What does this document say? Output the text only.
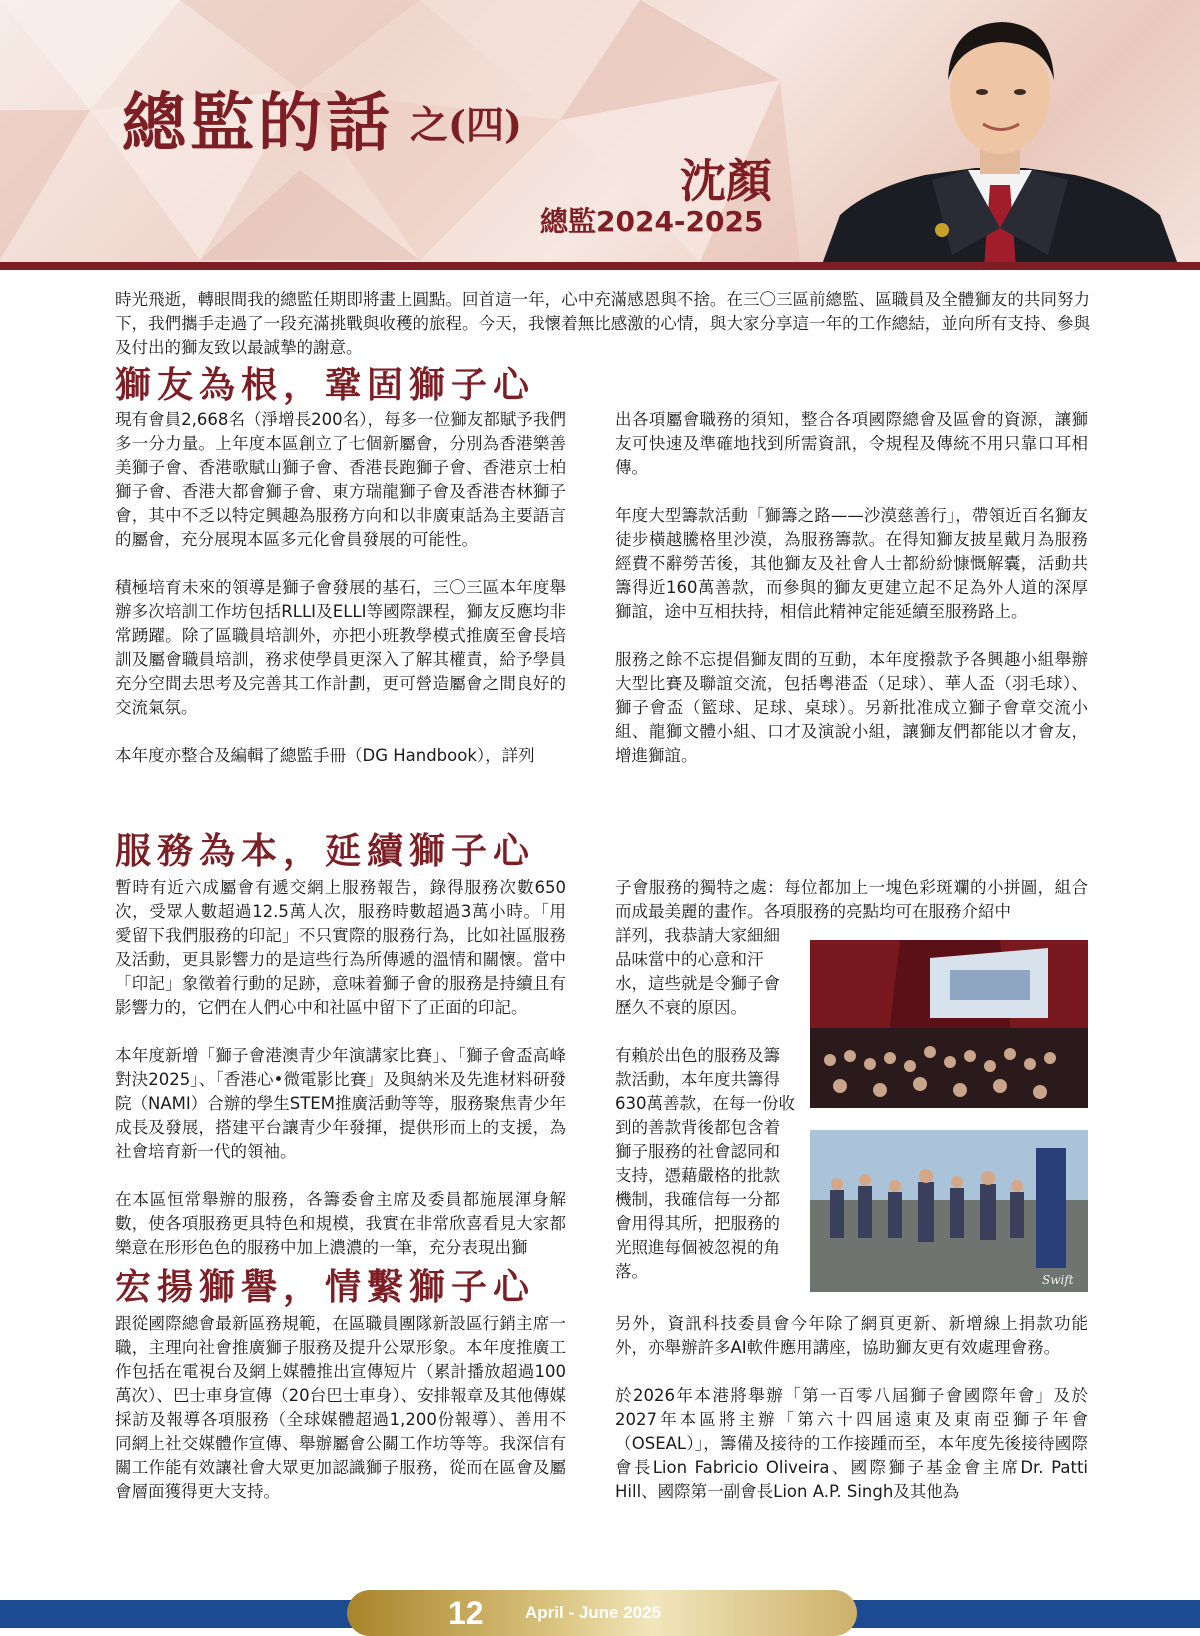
總監的話 之(四)
沈顏
總監2024-2025

時光飛逝，轉眼間我的總監任期即將畫上圓點。回首這一年，心中充滿感恩與不捨。在三〇三區前總監、區職員及全體獅友的共同努力下，我們攜手走過了一段充滿挑戰與收穫的旅程。今天，我懷着無比感激的心情，與大家分享這一年的工作總結，並向所有支持、參與及付出的獅友致以最誠摯的謝意。

獅友為根，鞏固獅子心

現有會員2,668名（淨增長200名），每多一位獅友都賦予我們多一分力量。上年度本區創立了七個新屬會，分別為香港樂善美獅子會、香港歌賦山獅子會、香港長跑獅子會、香港京士柏獅子會、香港大都會獅子會、東方瑞龍獅子會及香港杏林獅子會，其中不乏以特定興趣為服務方向和以非廣東話為主要語言的屬會，充分展現本區多元化會員發展的可能性。

積極培育未來的領導是獅子會發展的基石，三〇三區本年度舉辦多次培訓工作坊包括RLLI及ELLI等國際課程，獅友反應均非常踴躍。除了區職員培訓外，亦把小班教學模式推廣至會長培訓及屬會職員培訓，務求使學員更深入了解其權責，給予學員充分空間去思考及完善其工作計劃，更可營造屬會之間良好的交流氣氛。

本年度亦整合及編輯了總監手冊（DG Handbook），詳列

出各項屬會職務的須知，整合各項國際總會及區會的資源，讓獅友可快速及準確地找到所需資訊，令規程及傳統不用只靠口耳相傳。

年度大型籌款活動「獅籌之路——沙漠慈善行」，帶領近百名獅友徒步橫越騰格里沙漠，為服務籌款。在得知獅友披星戴月為服務經費不辭勞苦後，其他獅友及社會人士都紛紛慷慨解囊，活動共籌得近160萬善款，而參與的獅友更建立起不足為外人道的深厚獅誼，途中互相扶持，相信此精神定能延續至服務路上。

服務之餘不忘提倡獅友間的互動，本年度撥款予各興趣小組舉辦大型比賽及聯誼交流，包括粵港盃（足球）、華人盃（羽毛球）、獅子會盃（籃球、足球、桌球）。另新批准成立獅子會章交流小組、龍獅文體小組、口才及演說小組，讓獅友們都能以才會友，增進獅誼。

服務為本，延續獅子心

暫時有近六成屬會有遞交網上服務報告，錄得服務次數650次，受眾人數超過12.5萬人次，服務時數超過3萬小時。「用愛留下我們服務的印記」不只實際的服務行為，比如社區服務及活動，更具影響力的是這些行為所傳遞的溫情和關懷。當中「印記」象徵着行動的足跡，意味着獅子會的服務是持續且有影響力的，它們在人們心中和社區中留下了正面的印記。

本年度新增「獅子會港澳青少年演講家比賽」、「獅子會盃高峰對決2025」、「香港心•微電影比賽」及與納米及先進材料研發院（NAMI）合辦的學生STEM推廣活動等等，服務聚焦青少年成長及發展，搭建平台讓青少年發揮，提供形而上的支援，為社會培育新一代的領袖。

在本區恒常舉辦的服務，各籌委會主席及委員都施展渾身解數，使各項服務更具特色和規模，我實在非常欣喜看見大家都樂意在形形色色的服務中加上濃濃的一筆，充分表現出獅

子會服務的獨特之處：每位都加上一塊色彩斑斕的小拼圖，組合而成最美麗的畫作。各項服務的亮點均可在服務介紹中

詳列，我恭請大家細細品味當中的心意和汗水，這些就是令獅子會歷久不衰的原因。

有賴於出色的服務及籌款活動，本年度共籌得630萬善款，在每一份收到的善款背後都包含着獅子服務的社會認同和支持，憑藉嚴格的批款機制，我確信每一分都會用得其所，把服務的光照進每個被忽視的角落。	Swift
宏揚獅譽，情繫獅子心

跟從國際總會最新區務規範，在區職員團隊新設區行銷主席一職，主理向社會推廣獅子服務及提升公眾形象。本年度推廣工作包括在電視台及網上媒體推出宣傳短片（累計播放超過100萬次）、巴士車身宣傳（20台巴士車身）、安排報章及其他傳媒採訪及報導各項服務（全球媒體超過1,200份報導）、善用不同網上社交媒體作宣傳、舉辦屬會公關工作坊等等。我深信有關工作能有效讓社會大眾更加認識獅子服務，從而在區會及屬會層面獲得更大支持。

另外，資訊科技委員會今年除了網頁更新、新增線上捐款功能外，亦舉辦許多AI軟件應用講座，協助獅友更有效處理會務。

於2026年本港將舉辦「第一百零八屆獅子會國際年會」及於2027年本區將主辦「第六十四屆遠東及東南亞獅子年會（OSEAL）」，籌備及接待的工作接踵而至，本年度先後接待國際會長Lion Fabricio Oliveira、國際獅子基金會主席Dr. Patti Hill、國際第一副會長Lion A.P. Singh及其他為

12 April - June 2025
